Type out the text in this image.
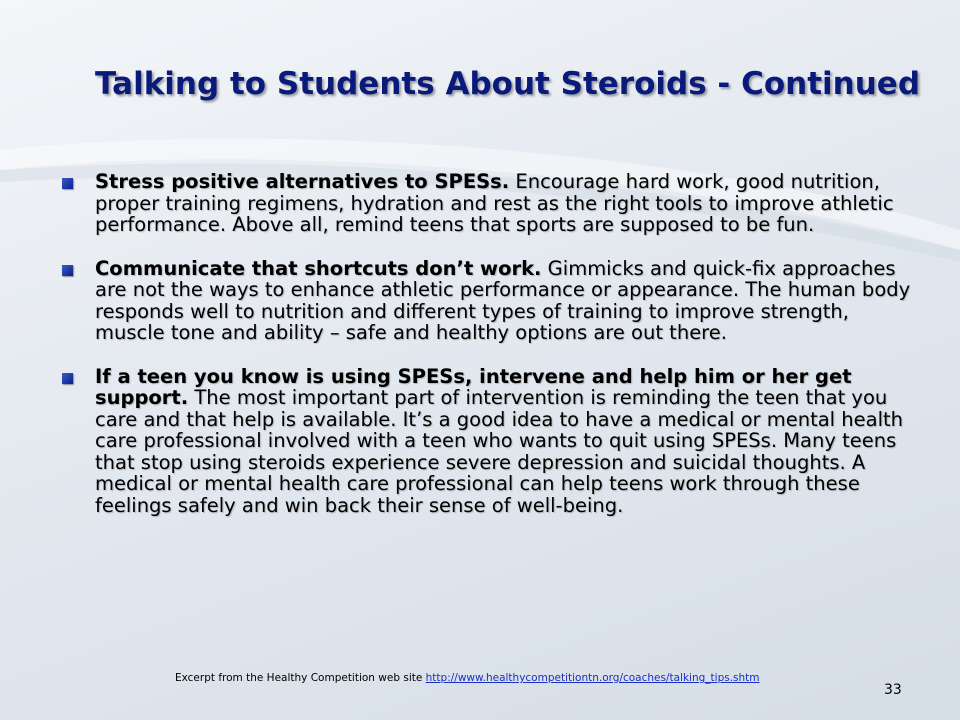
Talking to Students About Steroids - Continued
Stress positive alternatives to SPESs. Encourage hard work, good nutrition, proper training regimens, hydration and rest as the right tools to improve athletic performance. Above all, remind teens that sports are supposed to be fun.
Communicate that shortcuts don’t work. Gimmicks and quick-fix approaches are not the ways to enhance athletic performance or appearance. The human body responds well to nutrition and different types of training to improve strength, muscle tone and ability – safe and healthy options are out there.
If a teen you know is using SPESs, intervene and help him or her get support. The most important part of intervention is reminding the teen that you care and that help is available. It’s a good idea to have a medical or mental health care professional involved with a teen who wants to quit using SPESs. Many teens that stop using steroids experience severe depression and suicidal thoughts. A medical or mental health care professional can help teens work through these feelings safely and win back their sense of well-being.
Excerpt from the Healthy Competition web site http://www.healthycompetitiontn.org/coaches/talking_tips.shtm
33
